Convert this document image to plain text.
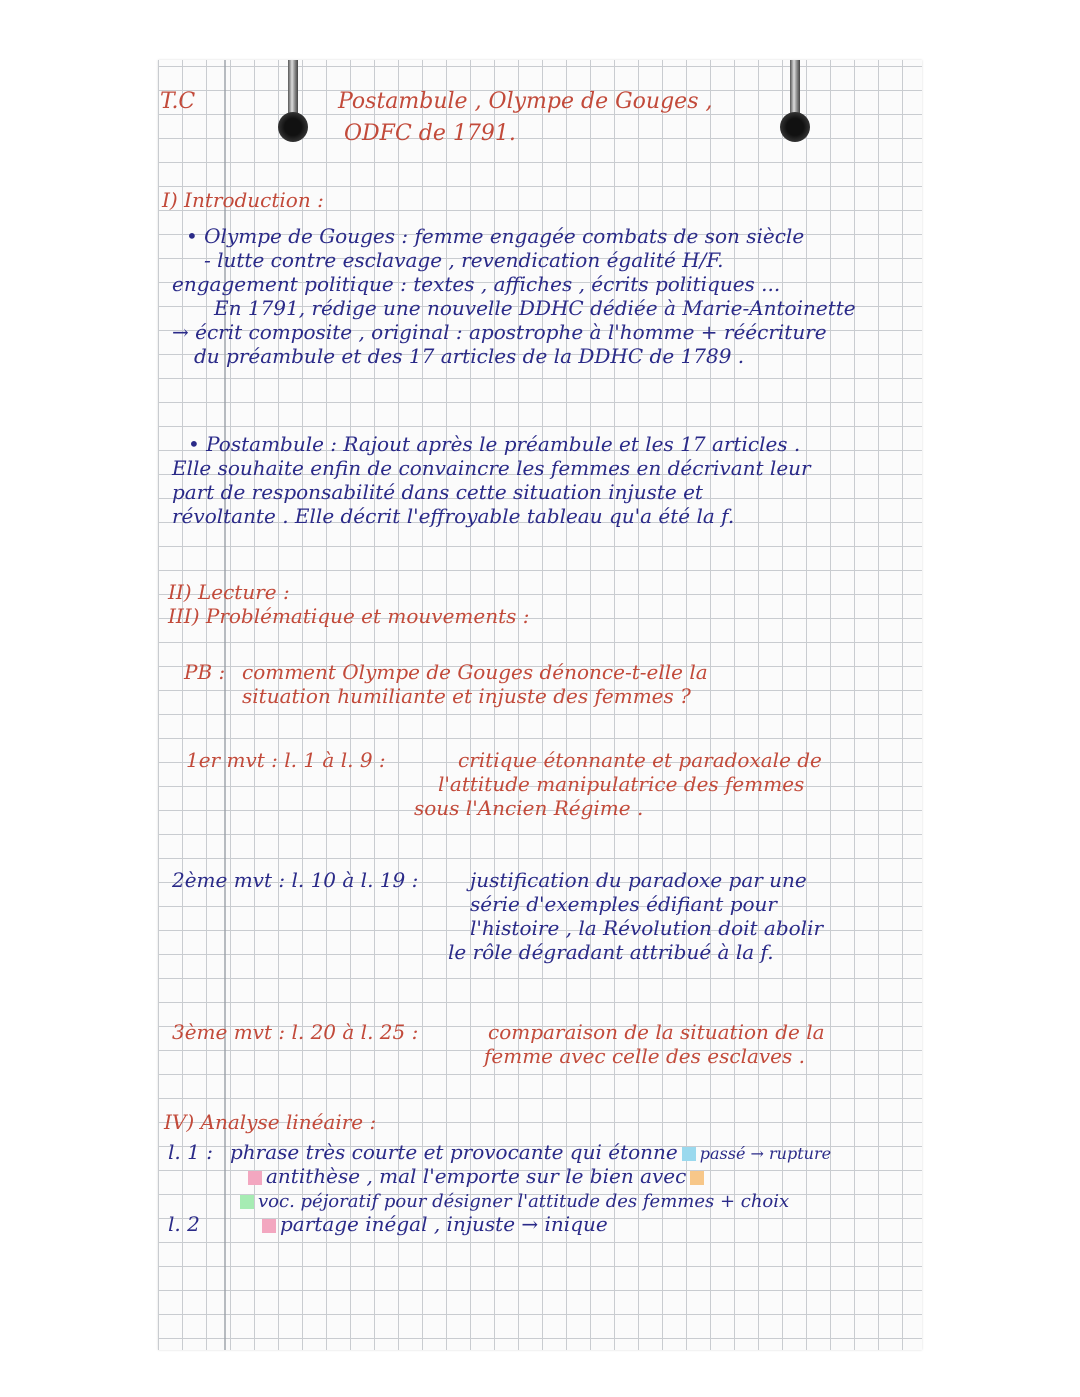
T.C	Postambule , Olympe de Gouges ,
ODFC de 1791.
I) Introduction :
• Olympe de Gouges : femme engagée combats de son siècle
- lutte contre esclavage , revendication égalité H/F.
engagement politique : textes , affiches , écrits politiques ...
En 1791, rédige une nouvelle DDHC dédiée à Marie-Antoinette
→ écrit composite , original : apostrophe à l'homme + réécriture
du préambule et des 17 articles de la DDHC de 1789 .
• Postambule : Rajout après le préambule et les 17 articles .
Elle souhaite enfin de convaincre les femmes en décrivant leur
part de responsabilité dans cette situation injuste et
révoltante . Elle décrit l'effroyable tableau qu'a été la f.
II) Lecture :
III) Problématique et mouvements :
PB : comment Olympe de Gouges dénonce-t-elle la
situation humiliante et injuste des femmes ?
1er mvt : l. 1 à l. 9 :	critique étonnante et paradoxale de
l'attitude manipulatrice des femmes
sous l'Ancien Régime .
2ème mvt : l. 10 à l. 19 :	justification du paradoxe par une
série d'exemples édifiant pour
l'histoire , la Révolution doit abolir
le rôle dégradant attribué à la f.
3ème mvt : l. 20 à l. 25 :	comparaison de la situation de la
femme avec celle des esclaves .
IV) Analyse linéaire :
l. 1 : phrase très courte et provocante qui étonne passé → rupture
antithèse , mal l'emporte sur le bien avec
voc. péjoratif pour désigner l'attitude des femmes + choix
l. 2	partage inégal , injuste → inique
